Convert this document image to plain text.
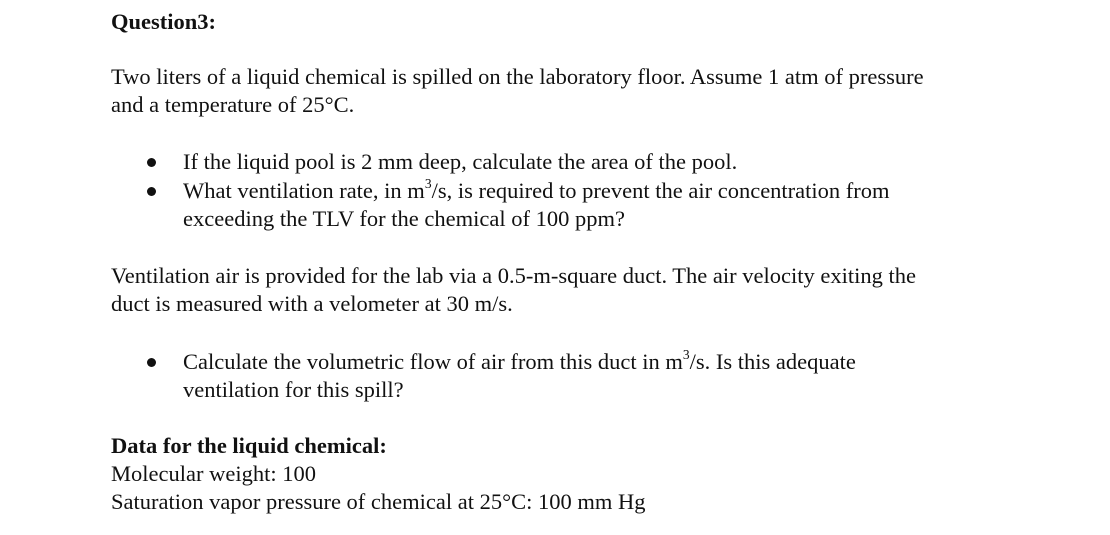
Question3:
Two liters of a liquid chemical is spilled on the laboratory floor. Assume 1 atm of pressure
and a temperature of 25°C.
If the liquid pool is 2 mm deep, calculate the area of the pool.
What ventilation rate, in $m^3/s$, is required to prevent the air concentration from
exceeding the TLV for the chemical of 100 ppm?
Ventilation air is provided for the lab via a 0.5-m-square duct. The air velocity exiting the
duct is measured with a velometer at 30 m/s.
Calculate the volumetric flow of air from this duct in $m^3/s$. Is this adequate
ventilation for this spill?
Data for the liquid chemical:
Molecular weight: 100
Saturation vapor pressure of chemical at 25°C: 100 mm Hg
